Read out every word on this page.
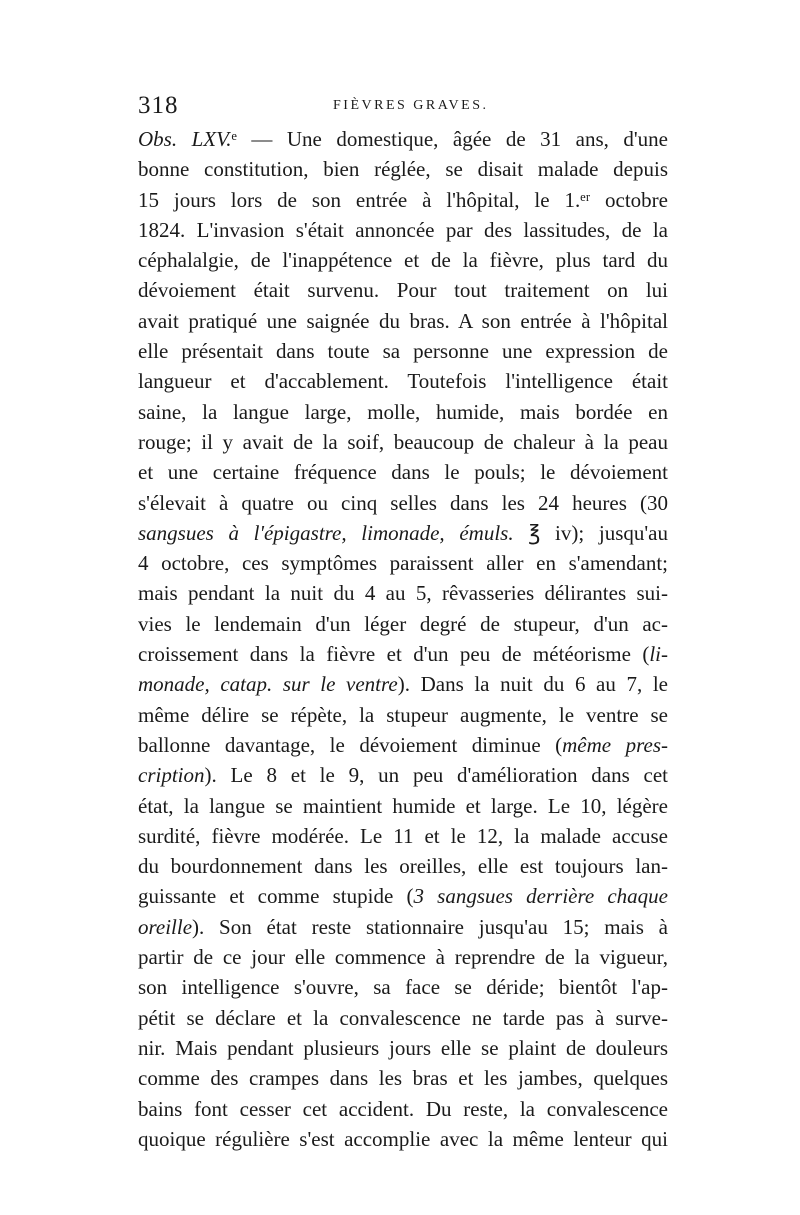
318	FIÈVRES GRAVES.
Obs. LXV.ᵉ — Une domestique, âgée de 31 ans, d'une
bonne constitution, bien réglée, se disait malade depuis
15 jours lors de son entrée à l'hôpital, le 1.ᵉʳ octobre
1824. L'invasion s'était annoncée par des lassitudes, de la
céphalalgie, de l'inappétence et de la fièvre, plus tard du
dévoiement était survenu. Pour tout traitement on lui
avait pratiqué une saignée du bras. A son entrée à l'hôpital
elle présentait dans toute sa personne une expression de
langueur et d'accablement. Toutefois l'intelligence était
saine, la langue large, molle, humide, mais bordée en
rouge; il y avait de la soif, beaucoup de chaleur à la peau
et une certaine fréquence dans le pouls; le dévoiement
s'élevait à quatre ou cinq selles dans les 24 heures (30
sangsues à l'épigastre, limonade, émuls. ℥ iv); jusqu'au
4 octobre, ces symptômes paraissent aller en s'amendant;
mais pendant la nuit du 4 au 5, rêvasseries délirantes sui-
vies le lendemain d'un léger degré de stupeur, d'un ac-
croissement dans la fièvre et d'un peu de météorisme (li-
monade, catap. sur le ventre). Dans la nuit du 6 au 7, le
même délire se répète, la stupeur augmente, le ventre se
ballonne davantage, le dévoiement diminue (même pres-
cription). Le 8 et le 9, un peu d'amélioration dans cet
état, la langue se maintient humide et large. Le 10, légère
surdité, fièvre modérée. Le 11 et le 12, la malade accuse
du bourdonnement dans les oreilles, elle est toujours lan-
guissante et comme stupide (3 sangsues derrière chaque
oreille). Son état reste stationnaire jusqu'au 15; mais à
partir de ce jour elle commence à reprendre de la vigueur,
son intelligence s'ouvre, sa face se déride; bientôt l'ap-
pétit se déclare et la convalescence ne tarde pas à surve-
nir. Mais pendant plusieurs jours elle se plaint de douleurs
comme des crampes dans les bras et les jambes, quelques
bains font cesser cet accident. Du reste, la convalescence
quoique régulière s'est accomplie avec la même lenteur qui
